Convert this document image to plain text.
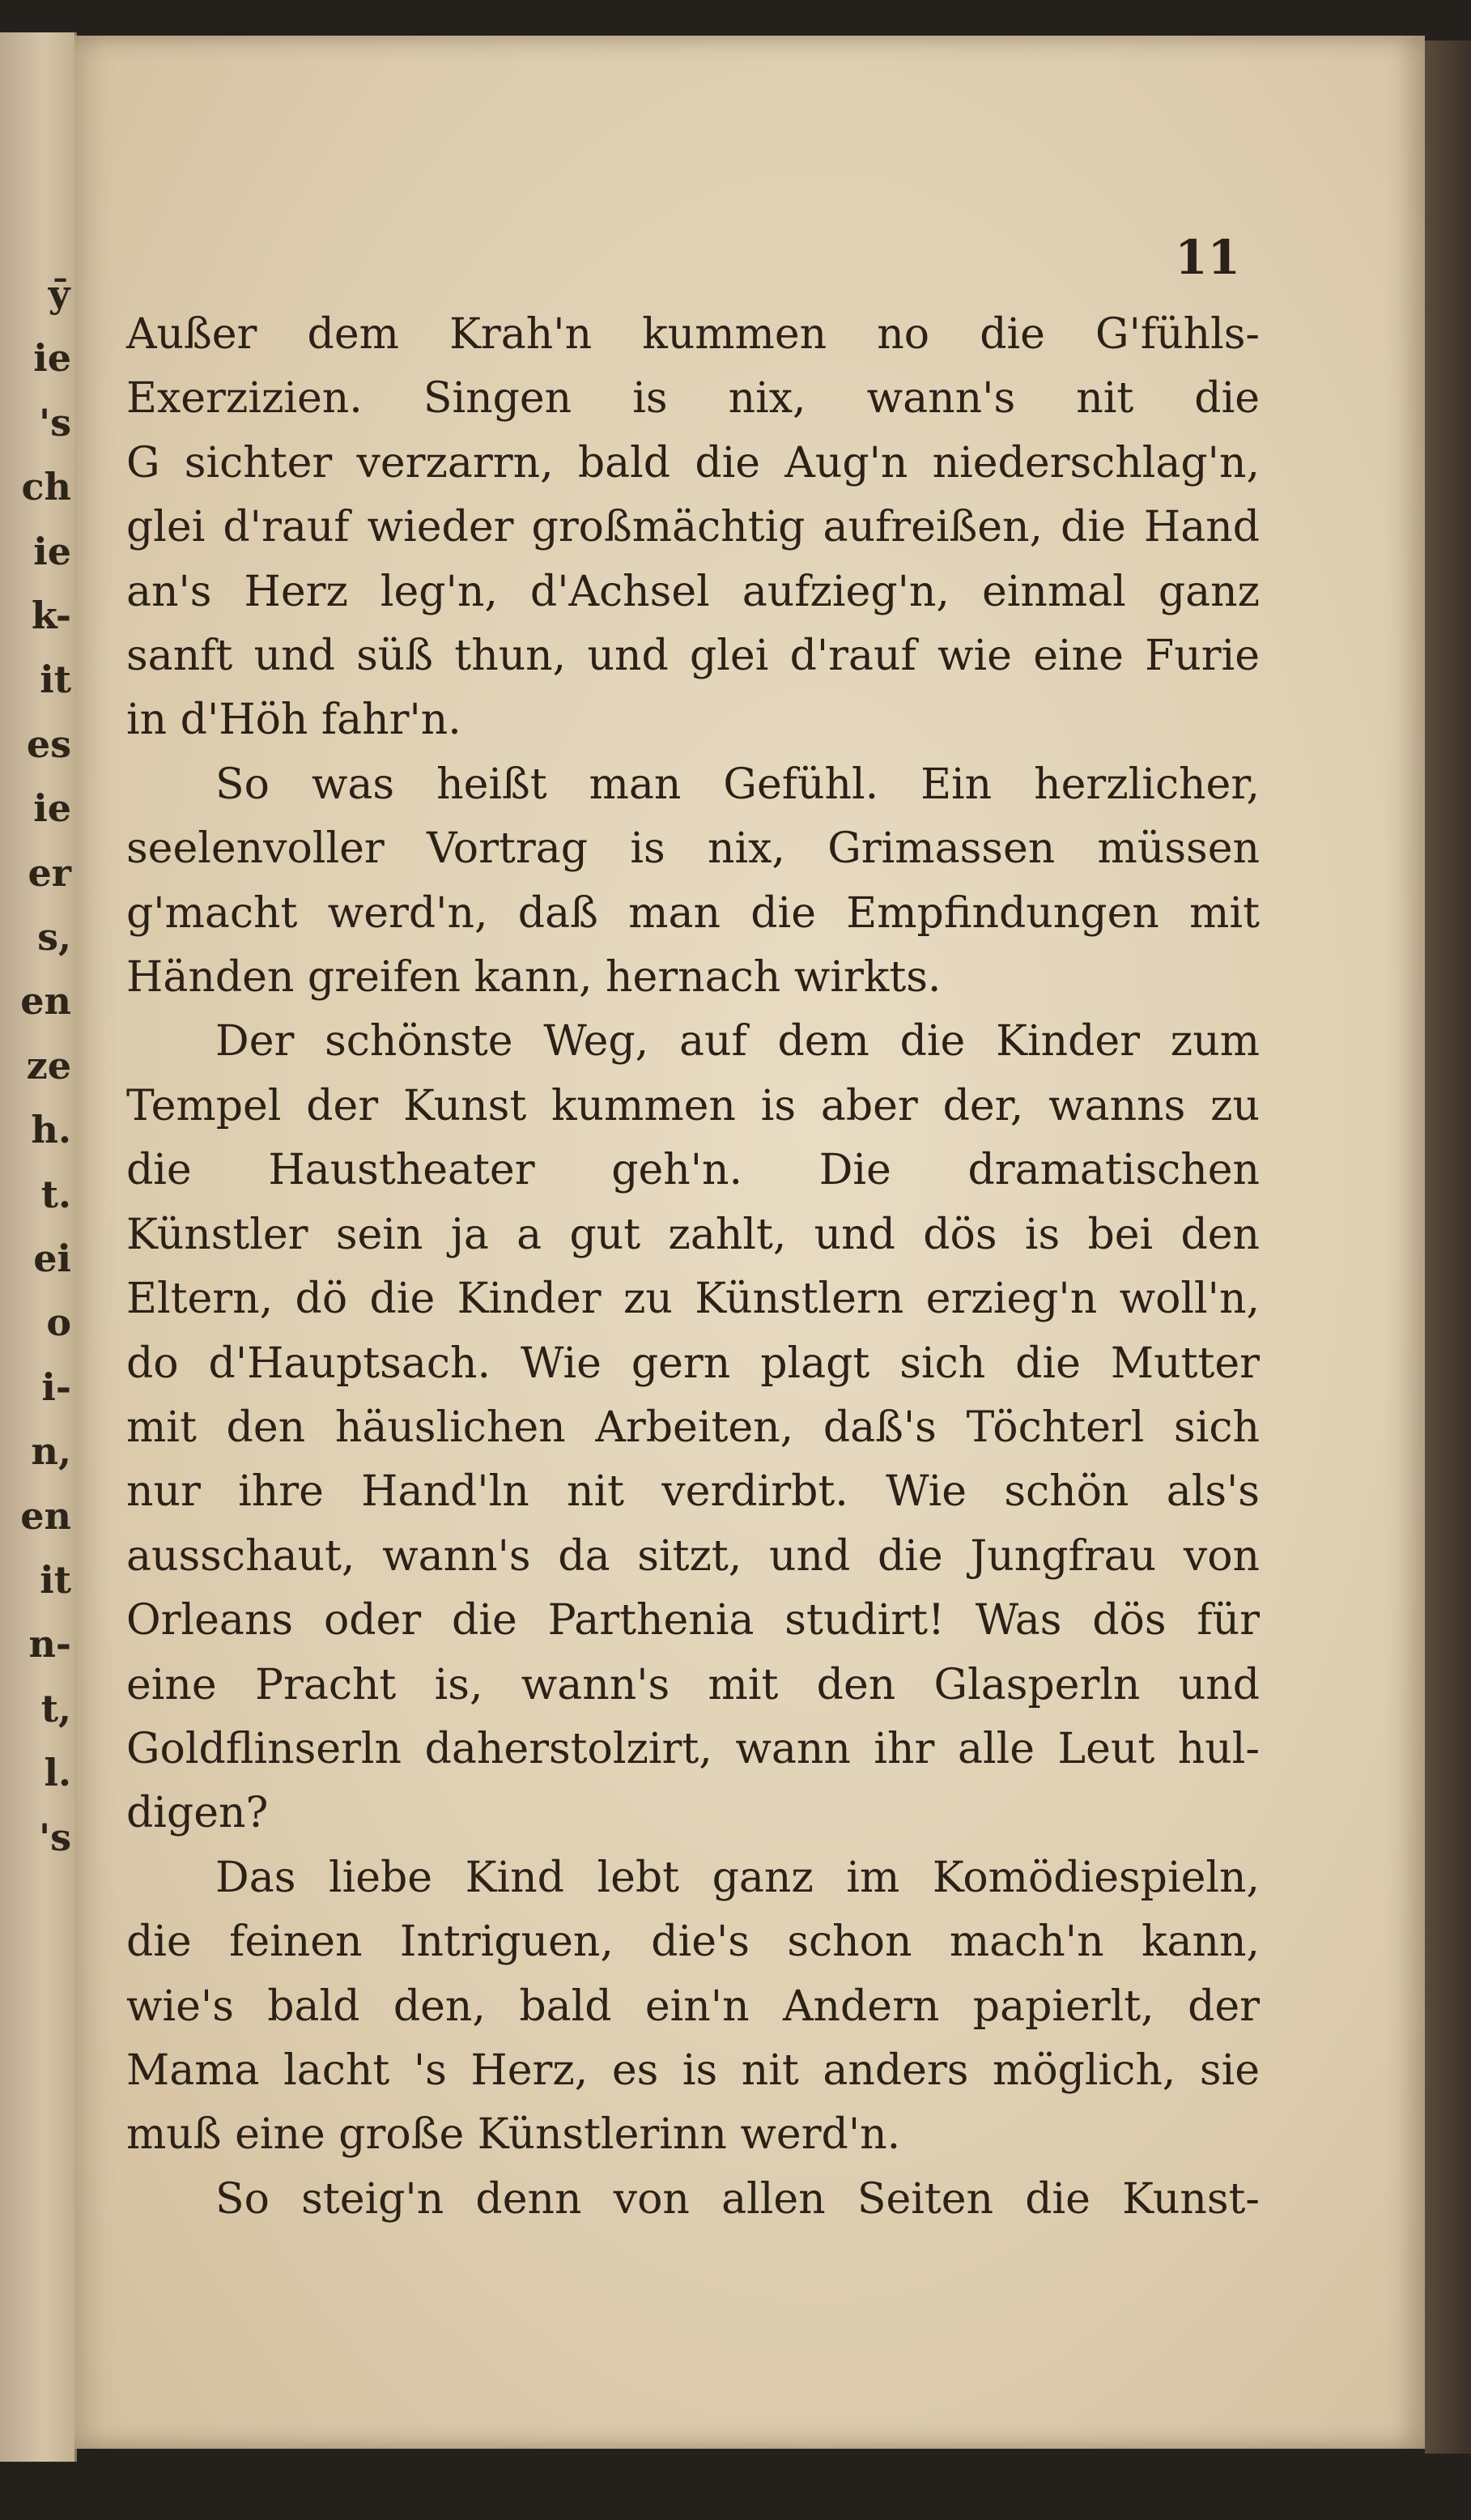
ӯ
ie
's
ch
ie
k-
it
es
ie
er
s,
en
ze
h.
t.
ei
o
i-
n,
en
it
n-
t,
l.
's
11
Außer dem Krah'n kummen no die G'fühls-
Exerzizien. Singen is nix, wann's nit die
G sichter verzarrn, bald die Aug'n niederschlag'n,
glei d'rauf wieder großmächtig aufreißen, die Hand
an's Herz leg'n, d'Achsel aufzieg'n, einmal ganz
sanft und süß thun, und glei d'rauf wie eine Furie
in d'Höh fahr'n.
So was heißt man Gefühl. Ein herzlicher,
seelenvoller Vortrag is nix, Grimassen müssen
g'macht werd'n, daß man die Empfindungen mit
Händen greifen kann, hernach wirkts.
Der schönste Weg, auf dem die Kinder zum
Tempel der Kunst kummen is aber der, wanns zu
die Haustheater geh'n. Die dramatischen
Künstler sein ja a gut zahlt, und dös is bei den
Eltern, dö die Kinder zu Künstlern erzieg'n woll'n,
do d'Hauptsach. Wie gern plagt sich die Mutter
mit den häuslichen Arbeiten, daß's Töchterl sich
nur ihre Hand'ln nit verdirbt. Wie schön als's
ausschaut, wann's da sitzt, und die Jungfrau von
Orleans oder die Parthenia studirt! Was dös für
eine Pracht is, wann's mit den Glasperln und
Goldflinserln daherstolzirt, wann ihr alle Leut hul-
digen?
Das liebe Kind lebt ganz im Komödiespieln,
die feinen Intriguen, die's schon mach'n kann,
wie's bald den, bald ein'n Andern papierlt, der
Mama lacht 's Herz, es is nit anders möglich, sie
muß eine große Künstlerinn werd'n.
So steig'n denn von allen Seiten die Kunst-
